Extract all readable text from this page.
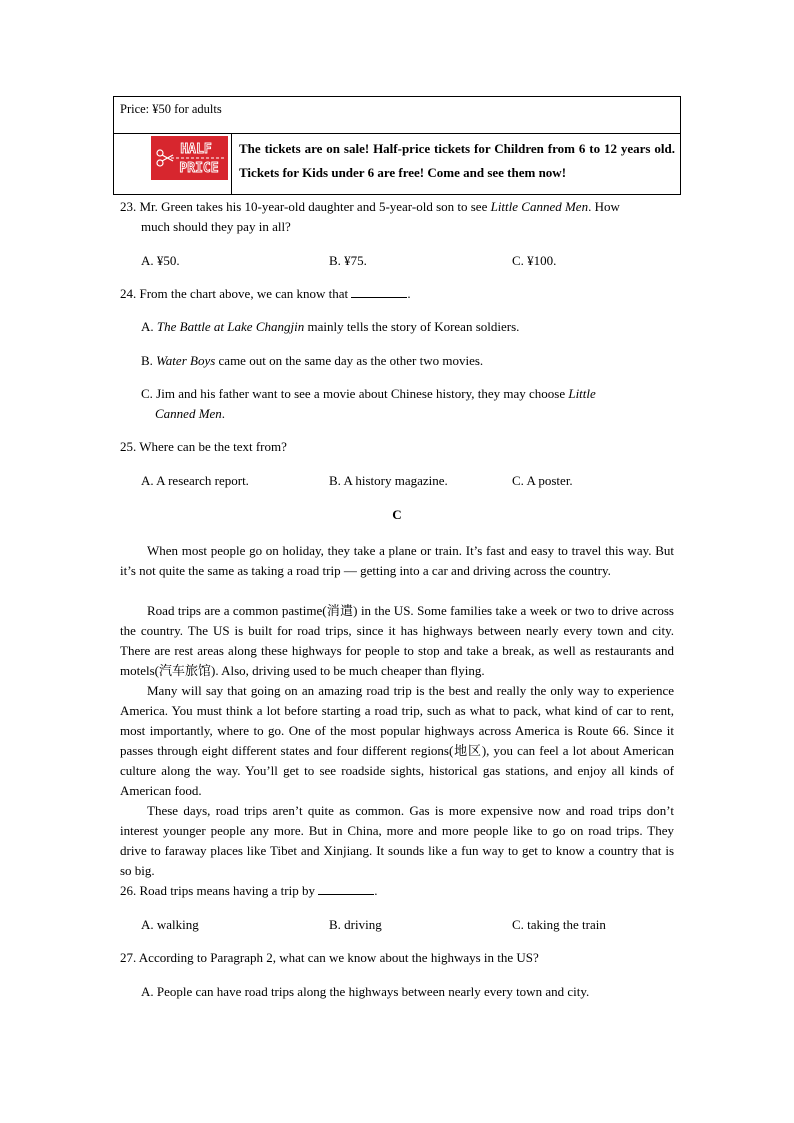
Price: ¥50 for adults
HALF
PRICE
The tickets are on sale! Half-price tickets for Children from 6 to 12 years old. Tickets for Kids under 6 are free! Come and see them now!
23. Mr. Green takes his 10-year-old daughter and 5-year-old son to see Little Canned Men. How
much should they pay in all?
A. ¥50.	B. ¥75.	C. ¥100.
24. From the chart above, we can know that	.
A. The Battle at Lake Changjin mainly tells the story of Korean soldiers.
B. Water Boys came out on the same day as the other two movies.
C. Jim and his father want to see a movie about Chinese history, they may choose Little
Canned Men.
25. Where can be the text from?
A. A research report.	B. A history magazine.	C. A poster.
C
When most people go on holiday, they take a plane or train. It’s fast and easy to travel this way. But it’s not quite the same as taking a road trip — getting into a car and driving across the country.
Road trips are a common pastime(消遣) in the US. Some families take a week or two to drive across the country. The US is built for road trips, since it has highways between nearly every town and city. There are rest areas along these highways for people to stop and take a break, as well as restaurants and motels(汽车旅馆). Also, driving used to be much cheaper than flying.
Many will say that going on an amazing road trip is the best and really the only way to experience America. You must think a lot before starting a road trip, such as what to pack, what kind of car to rent, most importantly, where to go. One of the most popular highways across America is Route 66. Since it passes through eight different states and four different regions(地区), you can feel a lot about American culture along the way. You’ll get to see roadside sights, historical gas stations, and enjoy all kinds of American food.
These days, road trips aren’t quite as common. Gas is more expensive now and road trips don’t interest younger people any more. But in China, more and more people like to go on road trips. They drive to faraway places like Tibet and Xinjiang. It sounds like a fun way to get to know a country that is so big.
26. Road trips means having a trip by	.
A. walking	B. driving	C. taking the train
27. According to Paragraph 2, what can we know about the highways in the US?
A. People can have road trips along the highways between nearly every town and city.
